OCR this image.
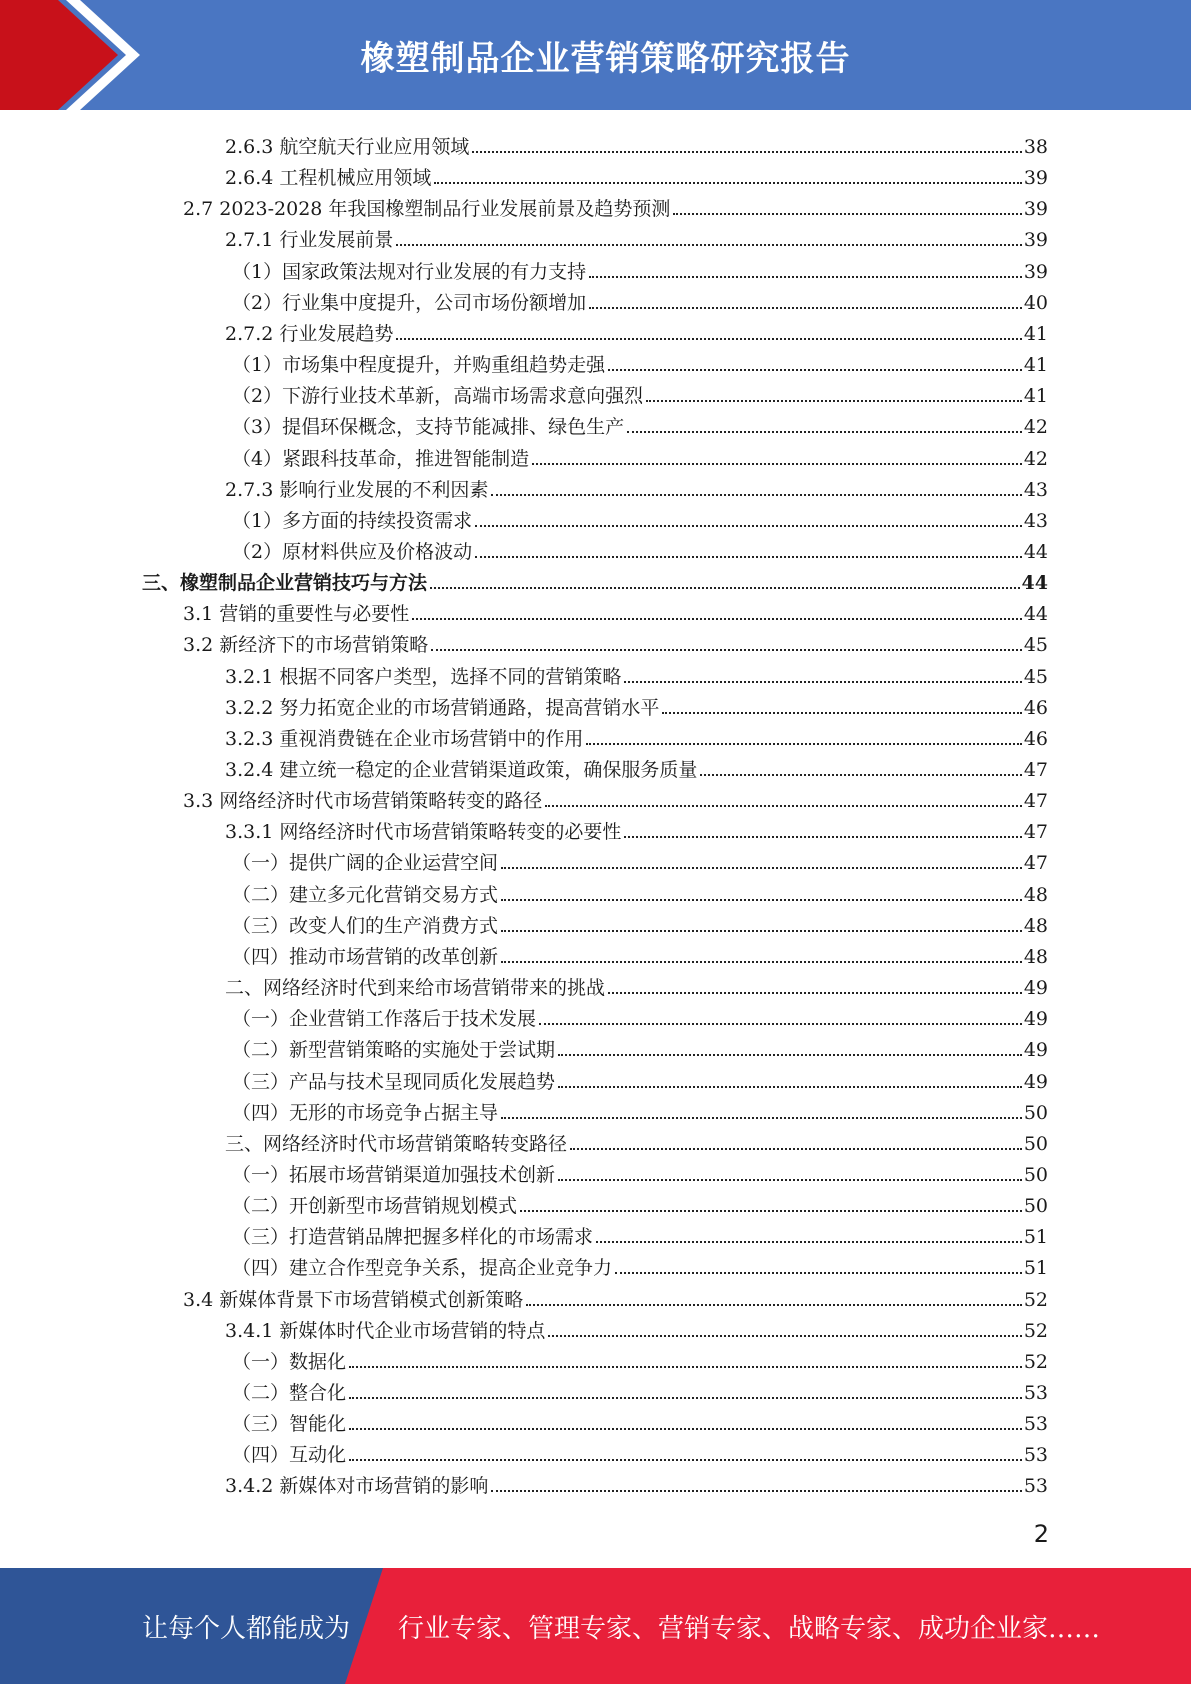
橡塑制品企业营销策略研究报告
2.6.3 航空航天行业应用领域	38
2.6.4 工程机械应用领域	39
2.7 2023-2028 年我国橡塑制品行业发展前景及趋势预测	39
2.7.1 行业发展前景	39
（1）国家政策法规对行业发展的有力支持	39
（2）行业集中度提升，公司市场份额增加	40
2.7.2 行业发展趋势	41
（1）市场集中程度提升，并购重组趋势走强	41
（2）下游行业技术革新，高端市场需求意向强烈	41
（3）提倡环保概念，支持节能减排、绿色生产	42
（4）紧跟科技革命，推进智能制造	42
2.7.3 影响行业发展的不利因素	43
（1）多方面的持续投资需求	43
（2）原材料供应及价格波动	44
三、橡塑制品企业营销技巧与方法	44
3.1 营销的重要性与必要性	44
3.2 新经济下的市场营销策略	45
3.2.1 根据不同客户类型，选择不同的营销策略	45
3.2.2 努力拓宽企业的市场营销通路，提高营销水平	46
3.2.3 重视消费链在企业市场营销中的作用	46
3.2.4 建立统一稳定的企业营销渠道政策，确保服务质量	47
3.3 网络经济时代市场营销策略转变的路径	47
3.3.1 网络经济时代市场营销策略转变的必要性	47
（一）提供广阔的企业运营空间	47
（二）建立多元化营销交易方式	48
（三）改变人们的生产消费方式	48
（四）推动市场营销的改革创新	48
二、网络经济时代到来给市场营销带来的挑战	49
（一）企业营销工作落后于技术发展	49
（二）新型营销策略的实施处于尝试期	49
（三）产品与技术呈现同质化发展趋势	49
（四）无形的市场竞争占据主导	50
三、网络经济时代市场营销策略转变路径	50
（一）拓展市场营销渠道加强技术创新	50
（二）开创新型市场营销规划模式	50
（三）打造营销品牌把握多样化的市场需求	51
（四）建立合作型竞争关系，提高企业竞争力	51
3.4 新媒体背景下市场营销模式创新策略	52
3.4.1 新媒体时代企业市场营销的特点	52
（一）数据化	52
（二）整合化	53
（三）智能化	53
（四）互动化	53
3.4.2 新媒体对市场营销的影响	53
2
让每个人都能成为 行业专家、管理专家、营销专家、战略专家、成功企业家……
